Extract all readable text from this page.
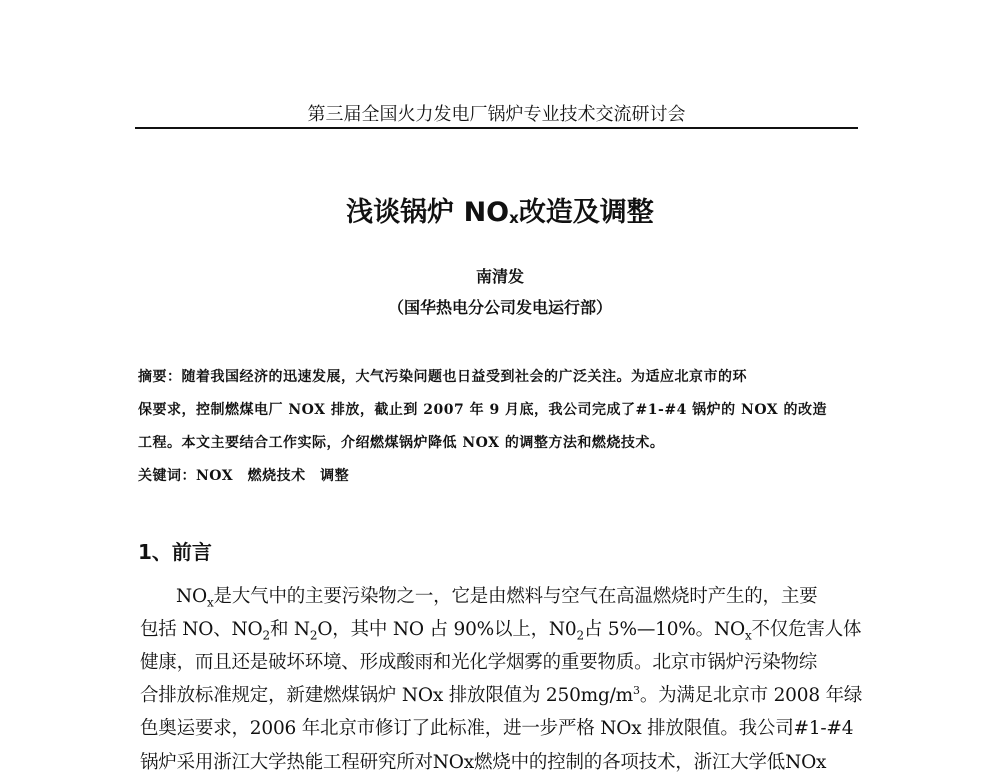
第三届全国火力发电厂锅炉专业技术交流研讨会
浅谈锅炉 $NO_x$改造及调整
南清发
（国华热电分公司发电运行部）
摘要：随着我国经济的迅速发展，大气污染问题也日益受到社会的广泛关注。为适应北京市的环
保要求，控制燃煤电厂 NOX 排放，截止到 2007 年 9 月底，我公司完成了#1-#4 锅炉的 NOX 的改造
工程。本文主要结合工作实际，介绍燃煤锅炉降低 NOX 的调整方法和燃烧技术。
关键词：NOX　燃烧技术　调整
1、前言
$NO_x$是大气中的主要污染物之一，它是由燃料与空气在高温燃烧时产生的，主要
包括 NO、$NO_2$和 $N_2O$，其中 NO 占 90%以上，$N0_2$占 5%—10%。$NO_x$不仅危害人体
健康，而且还是破坏环境、形成酸雨和光化学烟雾的重要物质。北京市锅炉污染物综
合排放标准规定，新建燃煤锅炉 NOx 排放限值为 $250mg/m^3$。为满足北京市 2008 年绿
色奥运要求，2006 年北京市修订了此标准，进一步严格 NOx 排放限值。我公司#1-#4
锅炉采用浙江大学热能工程研究所对NOx燃烧中的控制的各项技术，浙江大学低NOx
